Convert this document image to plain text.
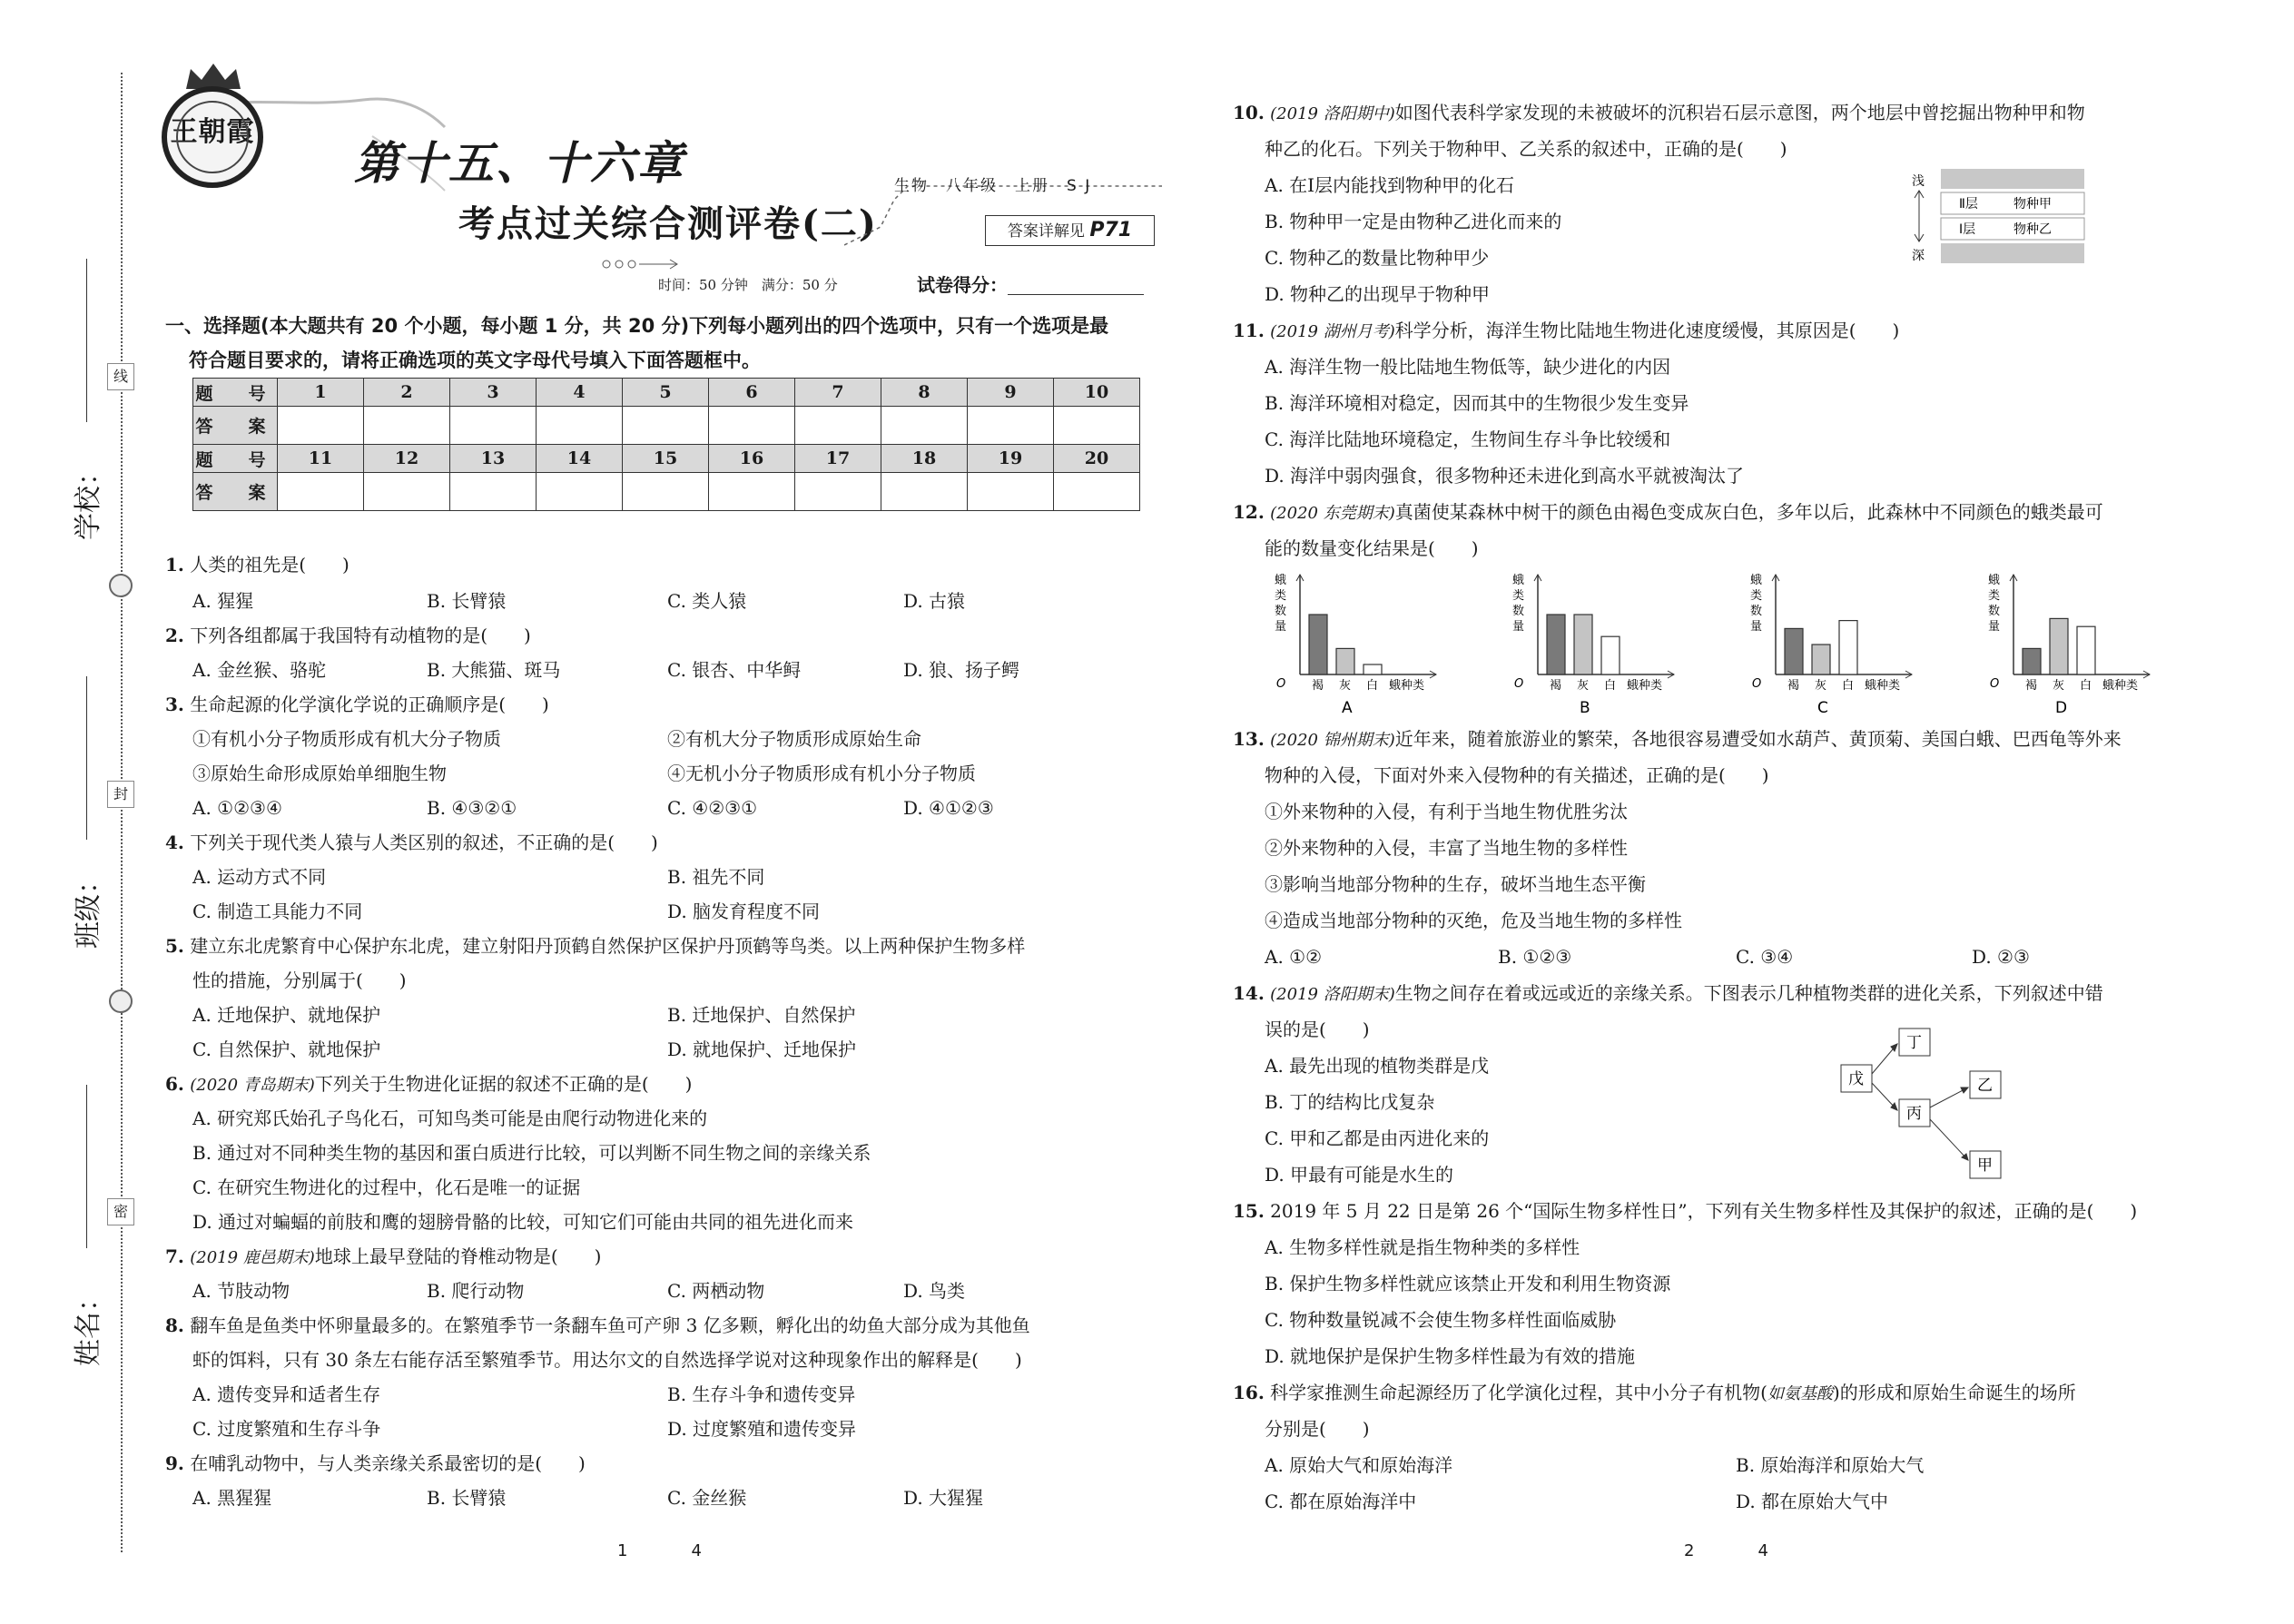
学校：
班级：
姓名：
线
封
密
王朝霞
第十五、十六章
考点过关综合测评卷(二)
生物　八年级　上册　S J
答案详解见 P71
时间：50 分钟　满分：50 分	试卷得分：
一、选择题(本大题共有 20 个小题，每小题 1 分，共 20 分)下列每小题列出的四个选项中，只有一个选项是最
符合题目要求的，请将正确选项的英文字母代号填入下面答题框中。
题　号	1	2	3	4	5	6	7	8	9	10
答　案										
题　号	11	12	13	14	15	16	17	18	19	20
答　案										
1. 人类的祖先是(　　)
A. 猩猩	B. 长臂猿	C. 类人猿	D. 古猿
2. 下列各组都属于我国特有动植物的是(　　)
A. 金丝猴、骆驼	B. 大熊猫、斑马	C. 银杏、中华鲟	D. 狼、扬子鳄
3. 生命起源的化学演化学说的正确顺序是(　　)
①有机小分子物质形成有机大分子物质	②有机大分子物质形成原始生命
③原始生命形成原始单细胞生物	④无机小分子物质形成有机小分子物质
A. ①②③④	B. ④③②①	C. ④②③①	D. ④①②③
4. 下列关于现代类人猿与人类区别的叙述，不正确的是(　　)
A. 运动方式不同	B. 祖先不同
C. 制造工具能力不同	D. 脑发育程度不同
5. 建立东北虎繁育中心保护东北虎，建立射阳丹顶鹤自然保护区保护丹顶鹤等鸟类。以上两种保护生物多样
性的措施，分别属于(　　)
A. 迁地保护、就地保护	B. 迁地保护、自然保护
C. 自然保护、就地保护	D. 就地保护、迁地保护
6. (2020 青岛期末)下列关于生物进化证据的叙述不正确的是(　　)
A. 研究郑氏始孔子鸟化石，可知鸟类可能是由爬行动物进化来的
B. 通过对不同种类生物的基因和蛋白质进行比较，可以判断不同生物之间的亲缘关系
C. 在研究生物进化的过程中，化石是唯一的证据
D. 通过对蝙蝠的前肢和鹰的翅膀骨骼的比较，可知它们可能由共同的祖先进化而来
7. (2019 鹿邑期末)地球上最早登陆的脊椎动物是(　　)
A. 节肢动物	B. 爬行动物	C. 两栖动物	D. 鸟类
8. 翻车鱼是鱼类中怀卵量最多的。在繁殖季节一条翻车鱼可产卵 3 亿多颗，孵化出的幼鱼大部分成为其他鱼
虾的饵料，只有 30 条左右能存活至繁殖季节。用达尔文的自然选择学说对这种现象作出的解释是(　　)
A. 遗传变异和适者生存	B. 生存斗争和遗传变异
C. 过度繁殖和生存斗争	D. 过度繁殖和遗传变异
9. 在哺乳动物中，与人类亲缘关系最密切的是(　　)
A. 黑猩猩	B. 长臂猿	C. 金丝猴	D. 大猩猩
1	4
10. (2019 洛阳期中)如图代表科学家发现的未被破坏的沉积岩石层示意图，两个地层中曾挖掘出物种甲和物
种乙的化石。下列关于物种甲、乙关系的叙述中，正确的是(　　)
A. 在Ⅰ层内能找到物种甲的化石
B. 物种甲一定是由物种乙进化而来的
C. 物种乙的数量比物种甲少
D. 物种乙的出现早于物种甲
浅
深
Ⅱ层	物种甲
Ⅰ层	物种乙
11. (2019 湖州月考)科学分析，海洋生物比陆地生物进化速度缓慢，其原因是(　　)
A. 海洋生物一般比陆地生物低等，缺少进化的内因
B. 海洋环境相对稳定，因而其中的生物很少发生变异
C. 海洋比陆地环境稳定，生物间生存斗争比较缓和
D. 海洋中弱肉强食，很多物种还未进化到高水平就被淘汰了
12. (2020 东莞期末)真菌使某森林中树干的颜色由褐色变成灰白色，多年以后，此森林中不同颜色的蛾类最可
能的数量变化结果是(　　)
蛾
类
数
量
O 褐 灰 白 蛾种类
A
蛾
类
数
量
O 褐 灰 白 蛾种类
B
蛾
类
数
量
O 褐 灰 白 蛾种类
C
蛾
类
数
量
O 褐 灰 白 蛾种类
D
13. (2020 锦州期末)近年来，随着旅游业的繁荣，各地很容易遭受如水葫芦、黄顶菊、美国白蛾、巴西龟等外来
物种的入侵，下面对外来入侵物种的有关描述，正确的是(　　)
①外来物种的入侵，有利于当地生物优胜劣汰
②外来物种的入侵，丰富了当地生物的多样性
③影响当地部分物种的生存，破坏当地生态平衡
④造成当地部分物种的灭绝，危及当地生物的多样性
A. ①②	B. ①②③	C. ③④	D. ②③
14. (2019 洛阳期末)生物之间存在着或远或近的亲缘关系。下图表示几种植物类群的进化关系，下列叙述中错
误的是(　　)
A. 最先出现的植物类群是戊
B. 丁的结构比戊复杂
C. 甲和乙都是由丙进化来的
D. 甲最有可能是水生的
戊
丁
丙
乙
甲
15. 2019 年 5 月 22 日是第 26 个“国际生物多样性日”，下列有关生物多样性及其保护的叙述，正确的是(　　)
A. 生物多样性就是指生物种类的多样性
B. 保护生物多样性就应该禁止开发和利用生物资源
C. 物种数量锐减不会使生物多样性面临威胁
D. 就地保护是保护生物多样性最为有效的措施
16. 科学家推测生命起源经历了化学演化过程，其中小分子有机物(如氨基酸)的形成和原始生命诞生的场所
分别是(　　)
A. 原始大气和原始海洋	B. 原始海洋和原始大气
C. 都在原始海洋中	D. 都在原始大气中
2	4
